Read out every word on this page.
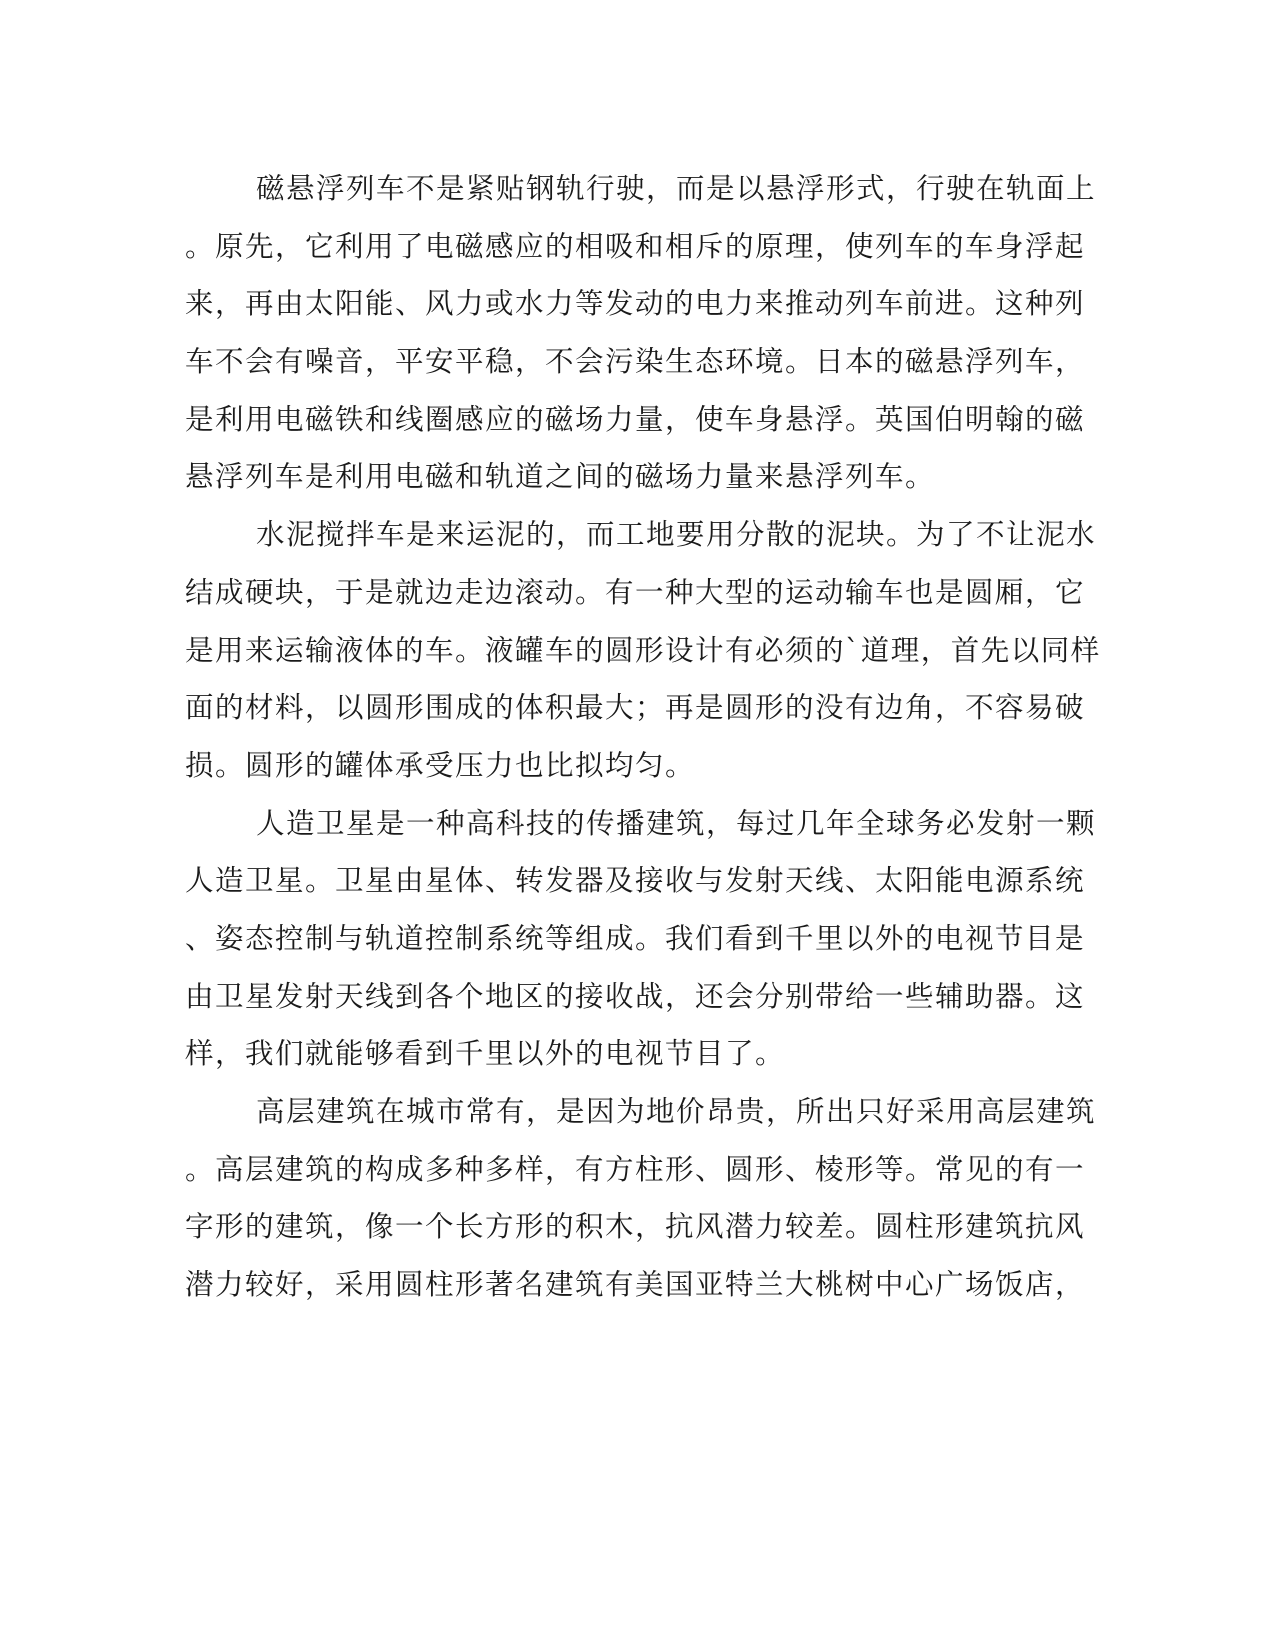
磁悬浮列车不是紧贴钢轨行驶，而是以悬浮形式，行驶在轨面上
。原先，它利用了电磁感应的相吸和相斥的原理，使列车的车身浮起
来，再由太阳能、风力或水力等发动的电力来推动列车前进。这种列
车不会有噪音，平安平稳，不会污染生态环境。日本的磁悬浮列车，
是利用电磁铁和线圈感应的磁场力量，使车身悬浮。英国伯明翰的磁
悬浮列车是利用电磁和轨道之间的磁场力量来悬浮列车。
水泥搅拌车是来运泥的，而工地要用分散的泥块。为了不让泥水
结成硬块，于是就边走边滚动。有一种大型的运动输车也是圆厢，它
是用来运输液体的车。液罐车的圆形设计有必须的`道理，首先以同样
面的材料，以圆形围成的体积最大；再是圆形的没有边角，不容易破
损。圆形的罐体承受压力也比拟均匀。
人造卫星是一种高科技的传播建筑，每过几年全球务必发射一颗
人造卫星。卫星由星体、转发器及接收与发射天线、太阳能电源系统
、姿态控制与轨道控制系统等组成。我们看到千里以外的电视节目是
由卫星发射天线到各个地区的接收战，还会分别带给一些辅助器。这
样，我们就能够看到千里以外的电视节目了。
高层建筑在城市常有，是因为地价昂贵，所出只好采用高层建筑
。高层建筑的构成多种多样，有方柱形、圆形、棱形等。常见的有一
字形的建筑，像一个长方形的积木，抗风潜力较差。圆柱形建筑抗风
潜力较好，采用圆柱形著名建筑有美国亚特兰大桃树中心广场饭店，
